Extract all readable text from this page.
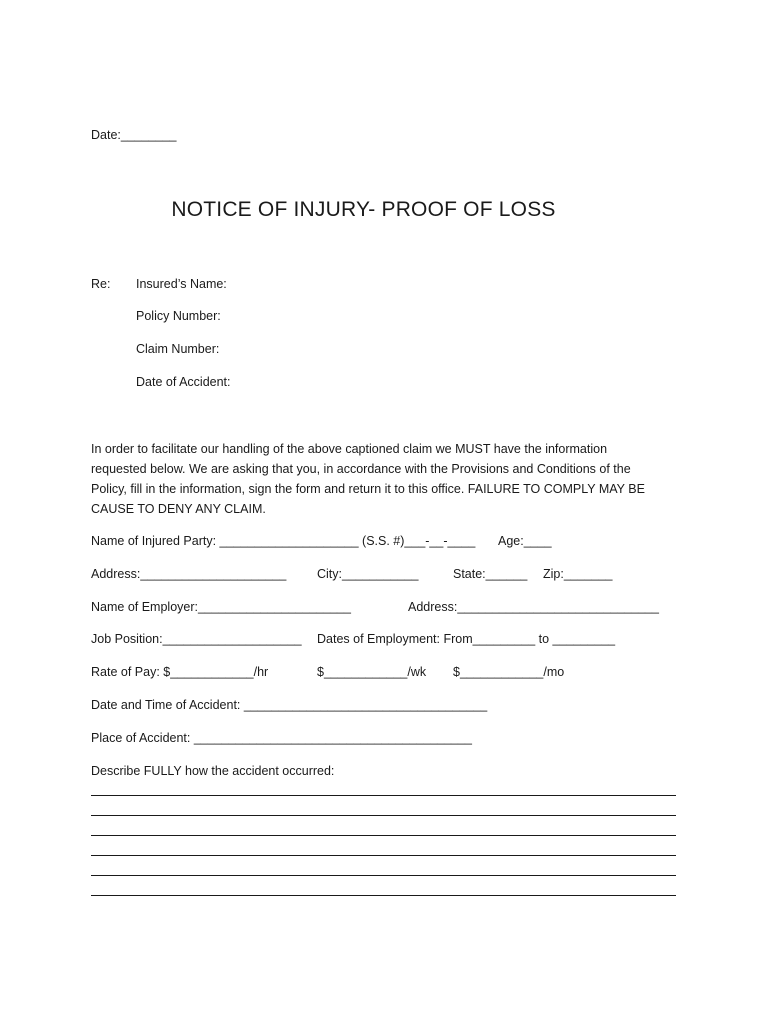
Date:________
NOTICE OF INJURY- PROOF OF LOSS
Re: Insured’s Name:
Policy Number:
Claim Number:
Date of Accident:
In order to facilitate our handling of the above captioned claim we MUST have the information
requested below. We are asking that you, in accordance with the Provisions and Conditions of the
Policy, fill in the information, sign the form and return it to this office. FAILURE TO COMPLY MAY BE
CAUSE TO DENY ANY CLAIM.
Name of Injured Party: ____________________ (S.S. #)___-__-____ Age:____
Address:_____________________ City:___________	State:______ Zip:_______
Name of Employer:______________________	Address:_____________________________
Job Position:____________________ Dates of Employment: From_________ to _________
Rate of Pay: $____________/hr	$____________/wk $____________/mo
Date and Time of Accident: ___________________________________
Place of Accident: ________________________________________
Describe FULLY how the accident occurred:
